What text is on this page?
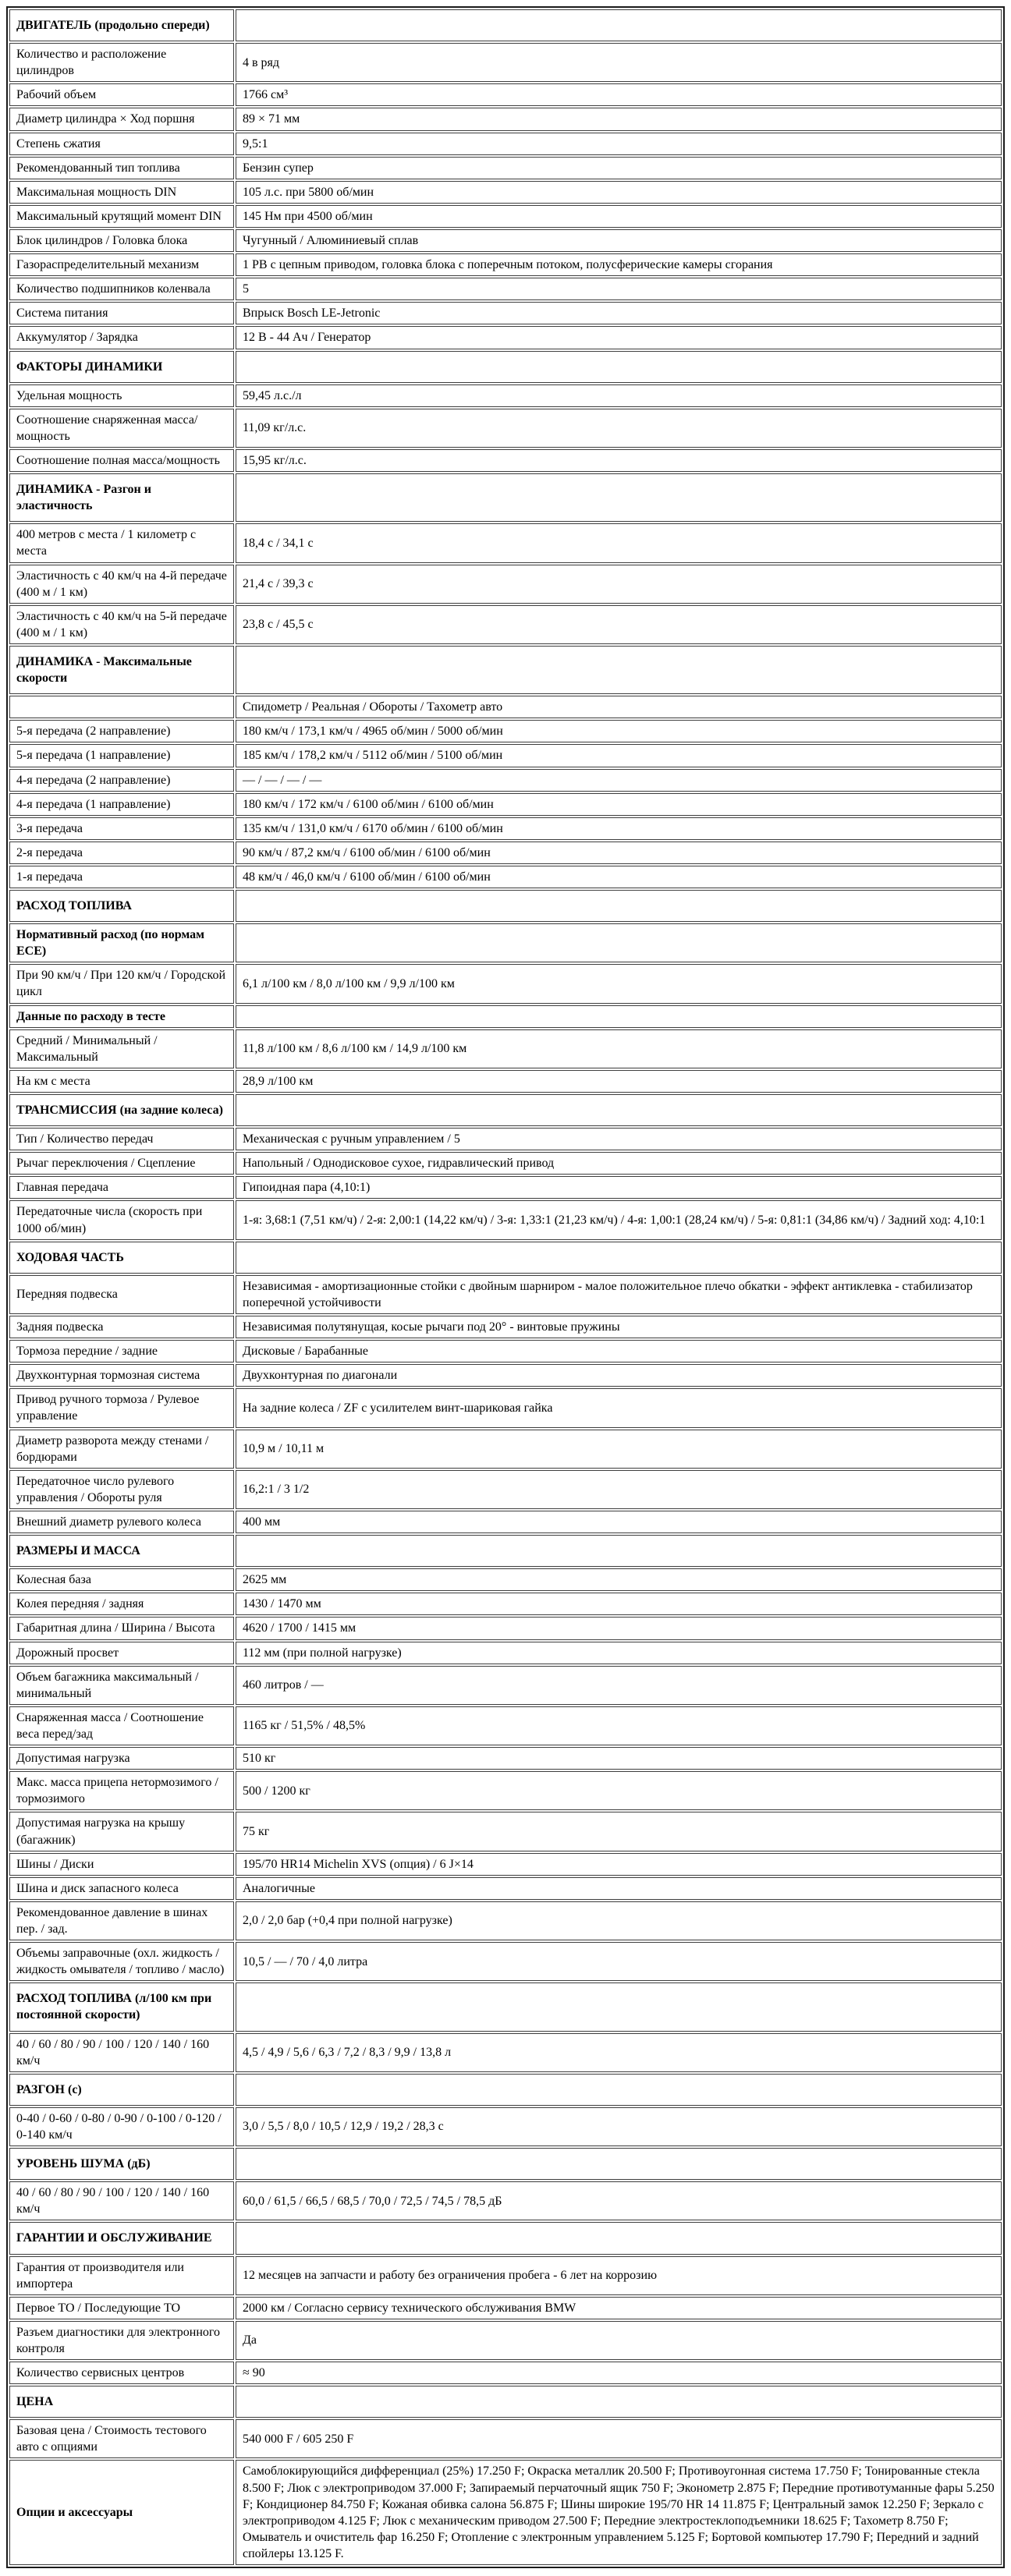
ДВИГАТЕЛЬ (продольно спереди)	
Количество и расположение цилиндров	4 в ряд
Рабочий объем	1766 см³
Диаметр цилиндра × Ход поршня	89 × 71 мм
Степень сжатия	9,5:1
Рекомендованный тип топлива	Бензин супер
Максимальная мощность DIN	105 л.с. при 5800 об/мин
Максимальный крутящий момент DIN	145 Нм при 4500 об/мин
Блок цилиндров / Головка блока	Чугунный / Алюминиевый сплав
Газораспределительный механизм	1 РВ с цепным приводом, головка блока с поперечным потоком, полусферические камеры сгорания
Количество подшипников коленвала	5
Система питания	Впрыск Bosch LE-Jetronic
Аккумулятор / Зарядка	12 В - 44 Ач / Генератор
ФАКТОРЫ ДИНАМИКИ	
Удельная мощность	59,45 л.с./л
Соотношение снаряженная масса/мощность	11,09 кг/л.с.
Соотношение полная масса/мощность	15,95 кг/л.с.
ДИНАМИКА - Разгон и эластичность	
400 метров с места / 1 километр с места	18,4 с / 34,1 с
Эластичность с 40 км/ч на 4-й передаче (400 м / 1 км)	21,4 с / 39,3 с
Эластичность с 40 км/ч на 5-й передаче (400 м / 1 км)	23,8 с / 45,5 с
ДИНАМИКА - Максимальные скорости	
	Спидометр / Реальная / Обороты / Тахометр авто
5-я передача (2 направление)	180 км/ч / 173,1 км/ч / 4965 об/мин / 5000 об/мин
5-я передача (1 направление)	185 км/ч / 178,2 км/ч / 5112 об/мин / 5100 об/мин
4-я передача (2 направление)	— / — / — / —
4-я передача (1 направление)	180 км/ч / 172 км/ч / 6100 об/мин / 6100 об/мин
3-я передача	135 км/ч / 131,0 км/ч / 6170 об/мин / 6100 об/мин
2-я передача	90 км/ч / 87,2 км/ч / 6100 об/мин / 6100 об/мин
1-я передача	48 км/ч / 46,0 км/ч / 6100 об/мин / 6100 об/мин
РАСХОД ТОПЛИВА	
Нормативный расход (по нормам ЕСЕ)	
При 90 км/ч / При 120 км/ч / Городской цикл	6,1 л/100 км / 8,0 л/100 км / 9,9 л/100 км
Данные по расходу в тесте	
Средний / Минимальный / Максимальный	11,8 л/100 км / 8,6 л/100 км / 14,9 л/100 км
На км с места	28,9 л/100 км
ТРАНСМИССИЯ (на задние колеса)	
Тип / Количество передач	Механическая с ручным управлением / 5
Рычаг переключения / Сцепление	Напольный / Однодисковое сухое, гидравлический привод
Главная передача	Гипоидная пара (4,10:1)
Передаточные числа (скорость при 1000 об/мин)	1-я: 3,68:1 (7,51 км/ч) / 2-я: 2,00:1 (14,22 км/ч) / 3-я: 1,33:1 (21,23 км/ч) / 4-я: 1,00:1 (28,24 км/ч) / 5-я: 0,81:1 (34,86 км/ч) / Задний ход: 4,10:1
ХОДОВАЯ ЧАСТЬ	
Передняя подвеска	Независимая - амортизационные стойки с двойным шарниром - малое положительное плечо обкатки - эффект антиклевка - стабилизатор поперечной устойчивости
Задняя подвеска	Независимая полутянущая, косые рычаги под 20° - винтовые пружины
Тормоза передние / задние	Дисковые / Барабанные
Двухконтурная тормозная система	Двухконтурная по диагонали
Привод ручного тормоза / Рулевое управление	На задние колеса / ZF с усилителем винт-шариковая гайка
Диаметр разворота между стенами / бордюрами	10,9 м / 10,11 м
Передаточное число рулевого управления / Обороты руля	16,2:1 / 3 1/2
Внешний диаметр рулевого колеса	400 мм
РАЗМЕРЫ И МАССА	
Колесная база	2625 мм
Колея передняя / задняя	1430 / 1470 мм
Габаритная длина / Ширина / Высота	4620 / 1700 / 1415 мм
Дорожный просвет	112 мм (при полной нагрузке)
Объем багажника максимальный / минимальный	460 литров / —
Снаряженная масса / Соотношение веса перед/зад	1165 кг / 51,5% / 48,5%
Допустимая нагрузка	510 кг
Макс. масса прицепа нетормозимого / тормозимого	500 / 1200 кг
Допустимая нагрузка на крышу (багажник)	75 кг
Шины / Диски	195/70 HR14 Michelin XVS (опция) / 6 J×14
Шина и диск запасного колеса	Аналогичные
Рекомендованное давление в шинах пер. / зад.	2,0 / 2,0 бар (+0,4 при полной нагрузке)
Объемы заправочные (охл. жидкость / жидкость омывателя / топливо / масло)	10,5 / — / 70 / 4,0 литра
РАСХОД ТОПЛИВА (л/100 км при постоянной скорости)	
40 / 60 / 80 / 90 / 100 / 120 / 140 / 160 км/ч	4,5 / 4,9 / 5,6 / 6,3 / 7,2 / 8,3 / 9,9 / 13,8 л
РАЗГОН (с)	
0-40 / 0-60 / 0-80 / 0-90 / 0-100 / 0-120 / 0-140 км/ч	3,0 / 5,5 / 8,0 / 10,5 / 12,9 / 19,2 / 28,3 с
УРОВЕНЬ ШУМА (дБ)	
40 / 60 / 80 / 90 / 100 / 120 / 140 / 160 км/ч	60,0 / 61,5 / 66,5 / 68,5 / 70,0 / 72,5 / 74,5 / 78,5 дБ
ГАРАНТИИ И ОБСЛУЖИВАНИЕ	
Гарантия от производителя или импортера	12 месяцев на запчасти и работу без ограничения пробега - 6 лет на коррозию
Первое ТО / Последующие ТО	2000 км / Согласно сервису технического обслуживания BMW
Разъем диагностики для электронного контроля	Да
Количество сервисных центров	≈ 90
ЦЕНА	
Базовая цена / Стоимость тестового авто с опциями	540 000 F / 605 250 F
Опции и аксессуары	Самоблокирующийся дифференциал (25%) 17.250 F; Окраска металлик 20.500 F; Противоугонная система 17.750 F; Тонированные стекла 8.500 F; Люк с электроприводом 37.000 F; Запираемый перчаточный ящик 750 F; Эконометр 2.875 F; Передние противотуманные фары 5.250 F; Кондиционер 84.750 F; Кожаная обивка салона 56.875 F; Шины широкие 195/70 HR 14 11.875 F; Центральный замок 12.250 F; Зеркало с электроприводом 4.125 F; Люк с механическим приводом 27.500 F; Передние электростеклоподъемники 18.625 F; Тахометр 8.750 F; Омыватель и очиститель фар 16.250 F; Отопление с электронным управлением 5.125 F; Бортовой компьютер 17.790 F; Передний и задний спойлеры 13.125 F.
